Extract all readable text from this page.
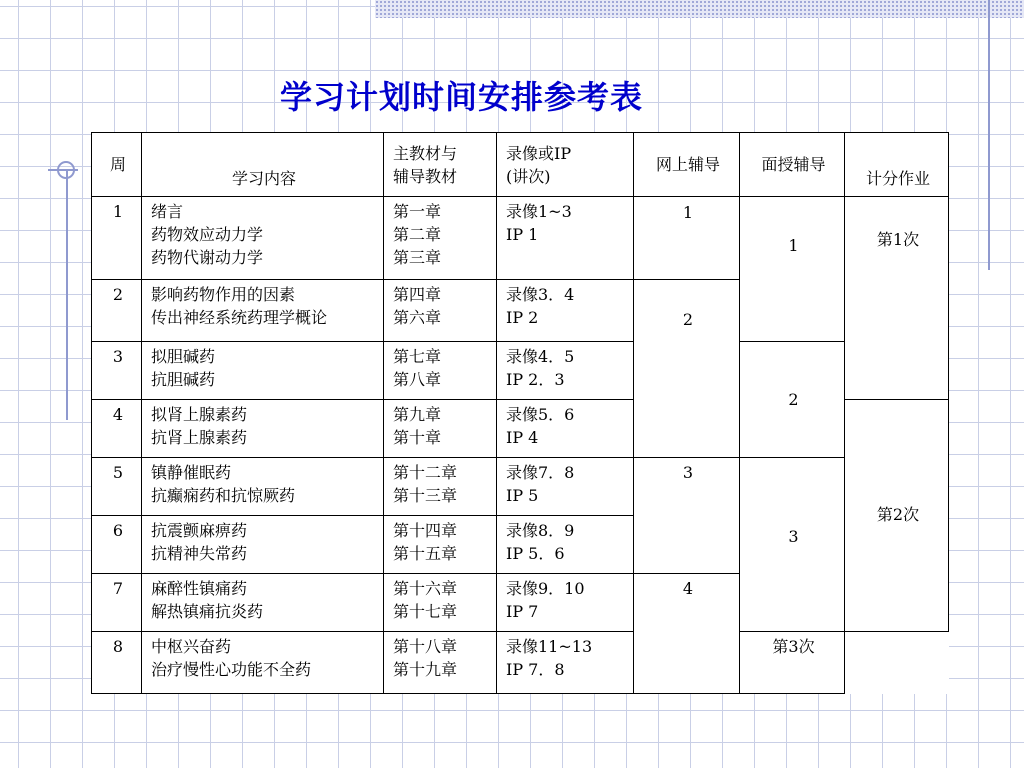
学习计划时间安排参考表
周	学习内容	主教材与
辅导教材	录像或IP
(讲次)	网上辅导	面授辅导	计分作业
1	绪言
药物效应动力学
药物代谢动力学	第一章
第二章
第三章	录像1~3
IP 1	1	1	第1次
2	影响药物作用的因素
传出神经系统药理学概论	第四章
第六章	录像3．4
IP 2	2		
3	拟胆碱药
抗胆碱药	第七章
第八章	录像4．5
IP 2．3		2	
4	拟肾上腺素药
抗肾上腺素药	第九章
第十章	录像5．6
IP 4			第2次
5	镇静催眠药
抗癫痫药和抗惊厥药	第十二章
第十三章	录像7．8
IP 5	3	3	
6	抗震颤麻痹药
抗精神失常药	第十四章
第十五章	录像8．9
IP 5．6			

7	麻醉性镇痛药
解热镇痛抗炎药	第十六章
第十七章	录像9．10
IP 7	4		
8	中枢兴奋药
治疗慢性心功能不全药	第十八章
第十九章	录像11~13
IP 7．8		第3次	
